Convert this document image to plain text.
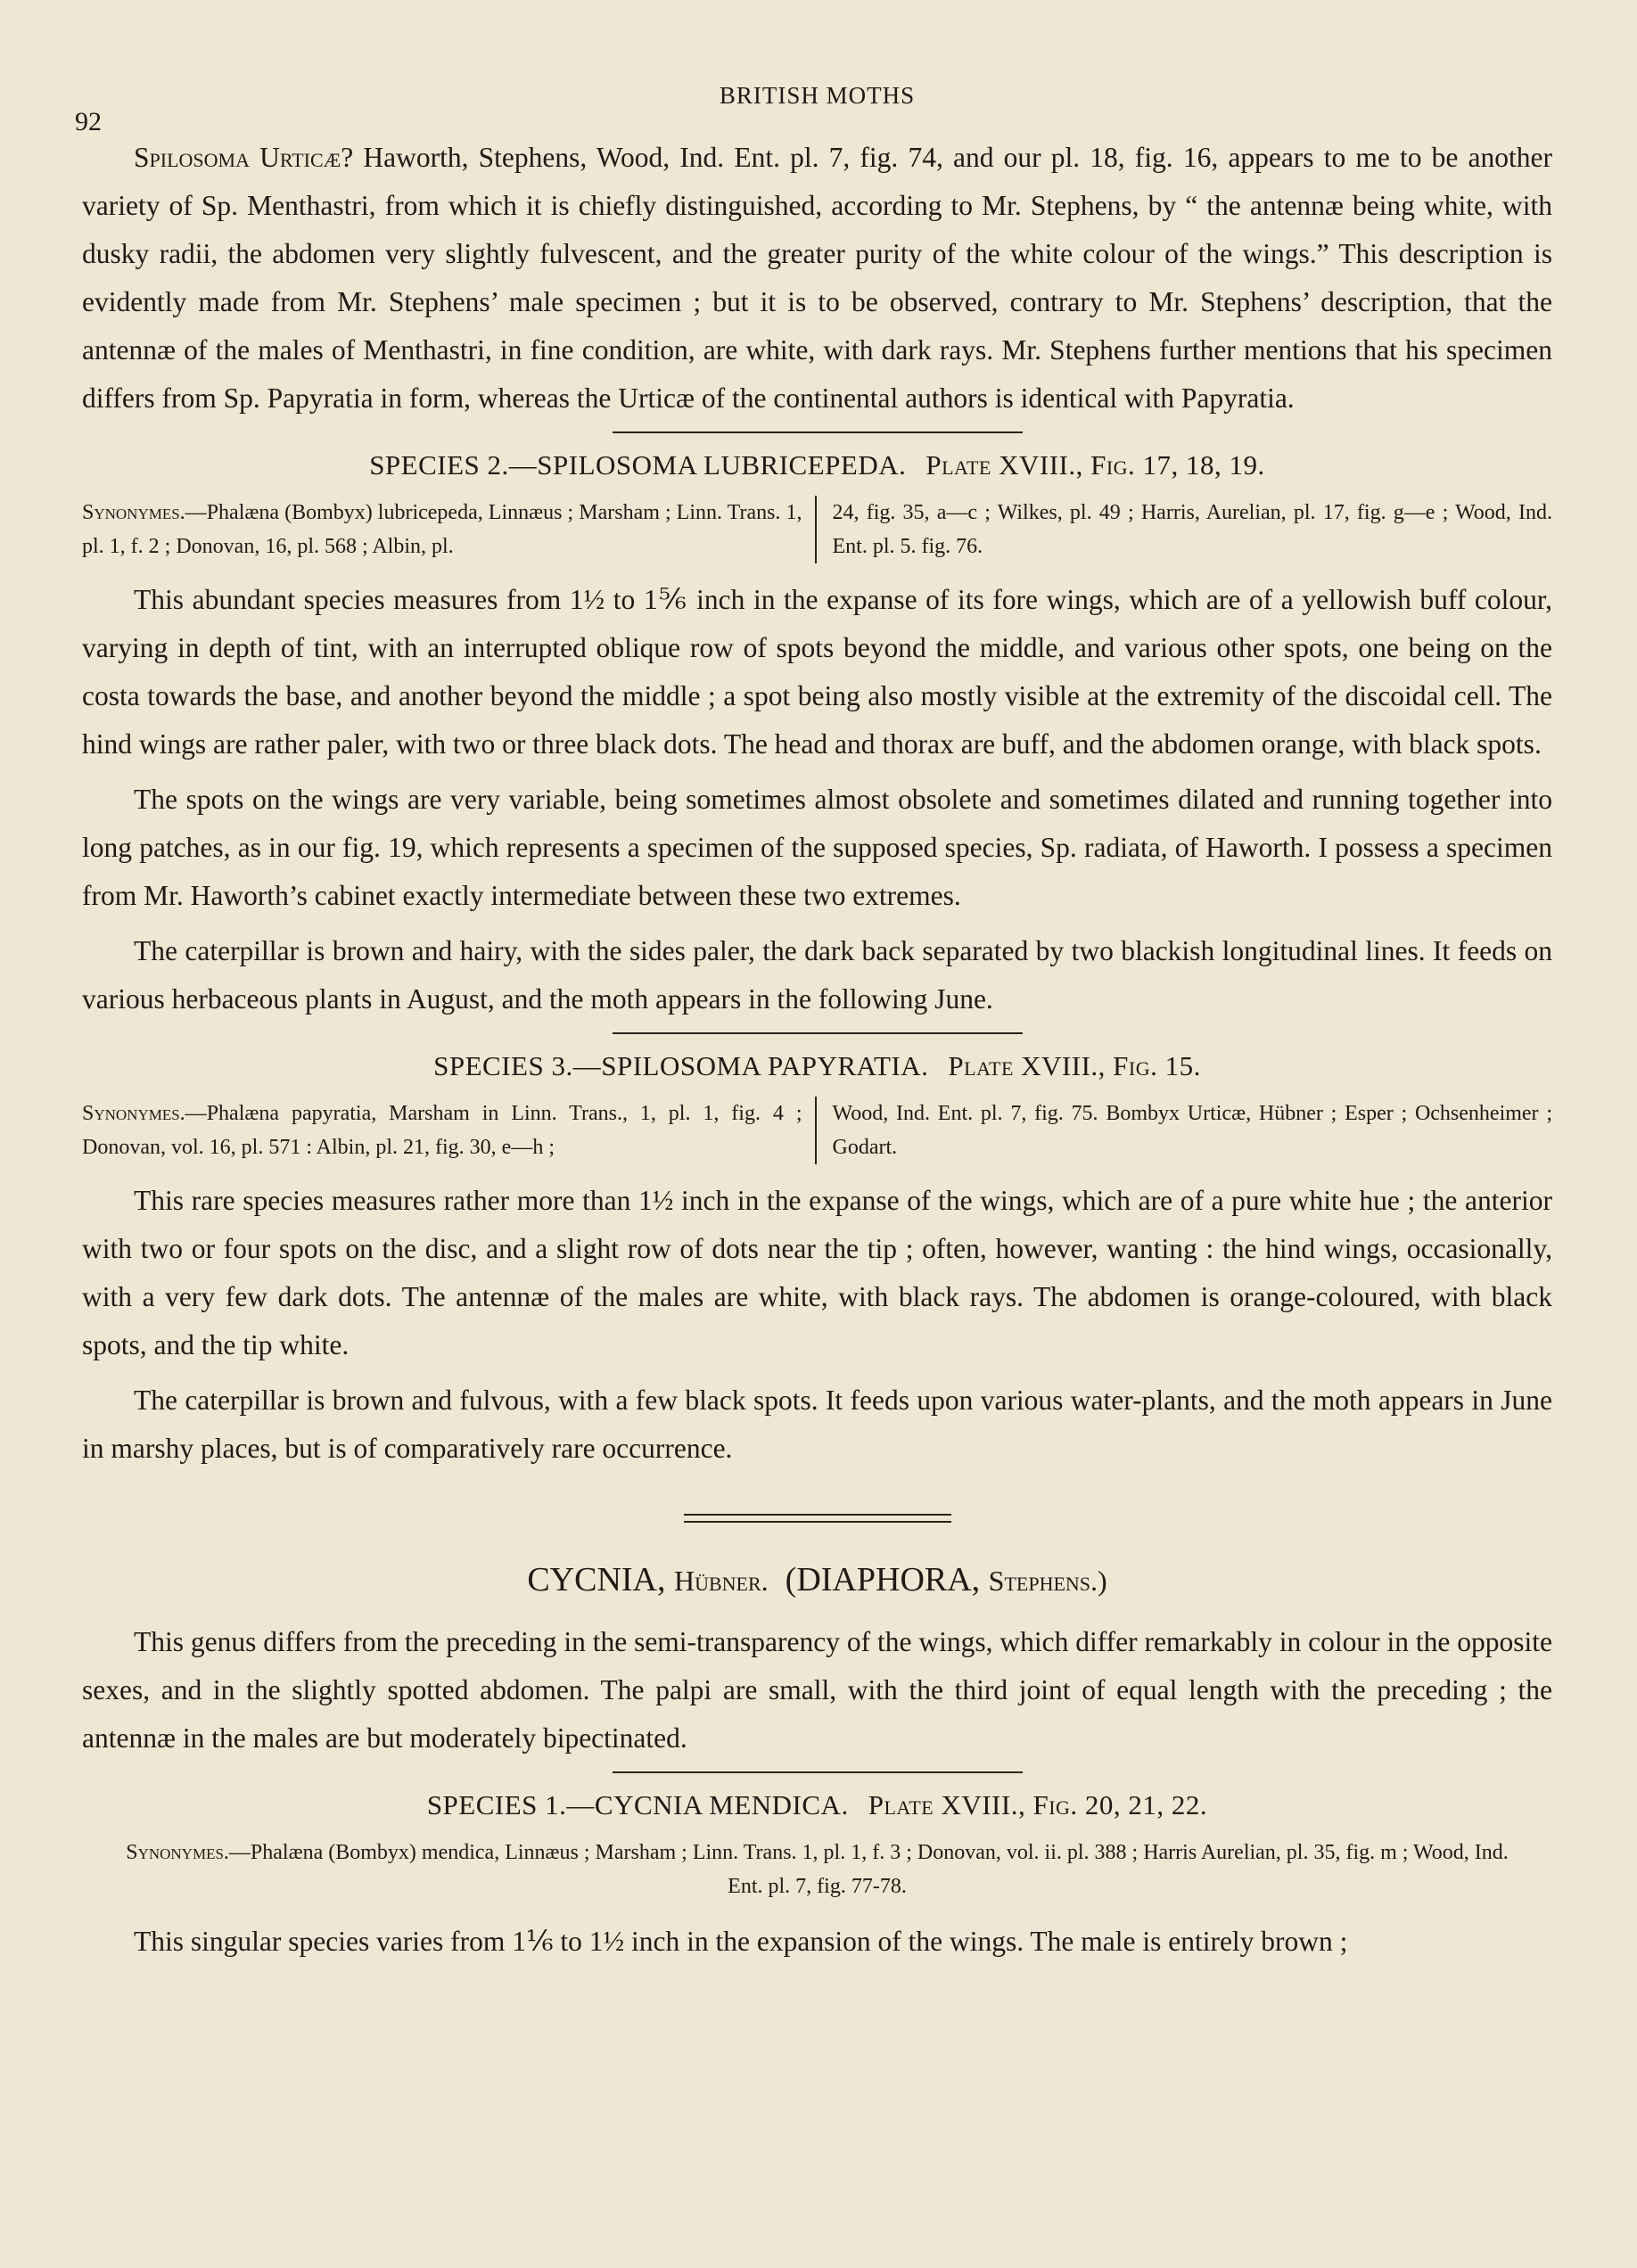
92
BRITISH MOTHS

Spilosoma Urticæ? Haworth, Stephens, Wood, Ind. Ent. pl. 7, fig. 74, and our pl. 18, fig. 16, appears to me to be another variety of Sp. Menthastri, from which it is chiefly distinguished, according to Mr. Stephens, by “ the antennæ being white, with dusky radii, the abdomen very slightly fulvescent, and the greater purity of the white colour of the wings.” This description is evidently made from Mr. Stephens’ male specimen ; but it is to be observed, contrary to Mr. Stephens’ description, that the antennæ of the males of Menthastri, in fine condition, are white, with dark rays. Mr. Stephens further mentions that his specimen differs from Sp. Papyratia in form, whereas the Urticæ of the continental authors is identical with Papyratia.

SPECIES 2.—SPILOSOMA LUBRICEPEDA. Plate XVIII., Fig. 17, 18, 19.
Synonymes.—Phalæna (Bombyx) lubricepeda, Linnæus ; Marsham ; Linn. Trans. 1, pl. 1, f. 2 ; Donovan, 16, pl. 568 ; Albin, pl.
24, fig. 35, a—c ; Wilkes, pl. 49 ; Harris, Aurelian, pl. 17, fig. g—e ; Wood, Ind. Ent. pl. 5. fig. 76.

This abundant species measures from 1½ to 1⅚ inch in the expanse of its fore wings, which are of a yellowish buff colour, varying in depth of tint, with an interrupted oblique row of spots beyond the middle, and various other spots, one being on the costa towards the base, and another beyond the middle ; a spot being also mostly visible at the extremity of the discoidal cell. The hind wings are rather paler, with two or three black dots. The head and thorax are buff, and the abdomen orange, with black spots.

The spots on the wings are very variable, being sometimes almost obsolete and sometimes dilated and running together into long patches, as in our fig. 19, which represents a specimen of the supposed species, Sp. radiata, of Haworth. I possess a specimen from Mr. Haworth’s cabinet exactly intermediate between these two extremes.

The caterpillar is brown and hairy, with the sides paler, the dark back separated by two blackish longitudinal lines. It feeds on various herbaceous plants in August, and the moth appears in the following June.

SPECIES 3.—SPILOSOMA PAPYRATIA. Plate XVIII., Fig. 15.
Synonymes.—Phalæna papyratia, Marsham in Linn. Trans., 1, pl. 1, fig. 4 ; Donovan, vol. 16, pl. 571 : Albin, pl. 21, fig. 30, e—h ;
Wood, Ind. Ent. pl. 7, fig. 75. Bombyx Urticæ, Hübner ; Esper ; Ochsenheimer ; Godart.

This rare species measures rather more than 1½ inch in the expanse of the wings, which are of a pure white hue ; the anterior with two or four spots on the disc, and a slight row of dots near the tip ; often, however, wanting : the hind wings, occasionally, with a very few dark dots. The antennæ of the males are white, with black rays. The abdomen is orange-coloured, with black spots, and the tip white.

The caterpillar is brown and fulvous, with a few black spots. It feeds upon various water-plants, and the moth appears in June in marshy places, but is of comparatively rare occurrence.

CYCNIA, Hübner. (DIAPHORA, Stephens.)

This genus differs from the preceding in the semi-transparency of the wings, which differ remarkably in colour in the opposite sexes, and in the slightly spotted abdomen. The palpi are small, with the third joint of equal length with the preceding ; the antennæ in the males are but moderately bipectinated.

SPECIES 1.—CYCNIA MENDICA. Plate XVIII., Fig. 20, 21, 22.
Synonymes.—Phalæna (Bombyx) mendica, Linnæus ; Marsham ; Linn. Trans. 1, pl. 1, f. 3 ; Donovan, vol. ii. pl. 388 ; Harris Aurelian, pl. 35, fig. m ; Wood, Ind. Ent. pl. 7, fig. 77-78.

This singular species varies from 1⅙ to 1½ inch in the expansion of the wings. The male is entirely brown ;
